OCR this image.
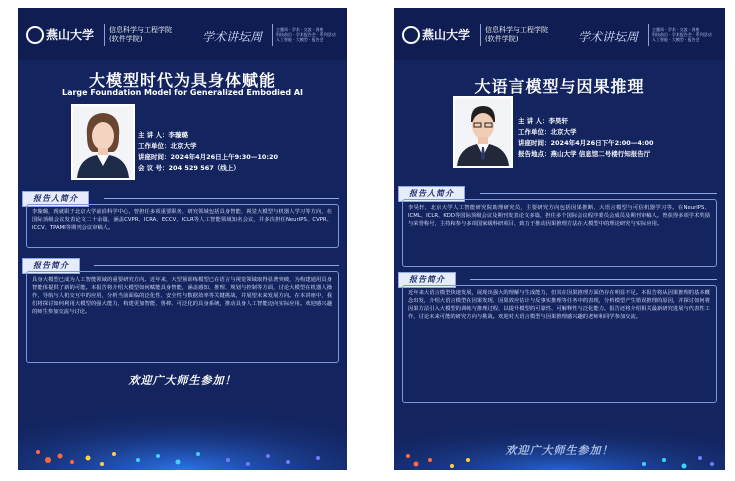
燕山大学 信息科学与工程学院
(软件学院)	学术讲坛周
主题周 · 学术 · 交流 · 讲座
科技前沿 · 学术报告会 · 系列活动
人工智能 · 大模型 · 报告会
大模型时代为具身体赋能
Large Foundation Model for Generalized Embodied AI
主 讲 人：李璇璐
工作单位：北京大学
讲座时间：2024年4月26日上午9:30—10:20
会 议 号：204 529 567（线上）
报告人简介
李璇璐，现就职于北京大学前沿科学中心，曾担任多项重要职务，研究领域包括具身智能、视觉大模型与机器人学习等方向，在国际顶级会议发表论文二十余篇，涵盖CVPR、ICRA、ECCV、ICLR等人工智能领域知名会议，并多次担任NeurIPS、CVPR、ICCV、TPAMI等期刊会议审稿人。
报告简介
具身大模型已成为人工智能领域的重要研究方向。近年来，大型预训练模型已在语言与视觉领域取得显著突破，为构建通用具身智能体提供了新的可能。本报告将介绍大模型如何赋能具身智能，涵盖感知、推理、规划与控制等方面，讨论大模型在机器人操作、导航与人机交互中的应用，分析当前面临的泛化性、安全性与数据效率等关键挑战，并展望未来发展方向。在本讲座中，我们将探讨如何利用大模型的强大能力，构建更加智能、鲁棒、可泛化的具身系统，推动具身人工智能迈向实际应用。欢迎感兴趣的师生参加交流与讨论。
欢迎广大师生参加！
燕山大学 信息科学与工程学院
(软件学院)	学术讲坛周
主题周 · 学术 · 交流 · 讲座
科技前沿 · 学术报告会 · 系列活动
人工智能 · 大模型 · 报告会
大语言模型与因果推理
主 讲 人：李昊轩
工作单位：北京大学
讲座时间：2024年4月26日下午2:00—4:00
报告地点：燕山大学 信息馆二号楼行知报告厅
报告人简介
李昊轩，北京大学人工智能研究院助理研究员，主要研究方向包括因果推断、大语言模型与可信机器学习等。在NeurIPS、ICML、ICLR、KDD等国际顶级会议及期刊发表论文多篇，担任多个国际会议程序委员会成员及期刊审稿人。曾获得多项学术奖励与荣誉称号，主持和参与多项国家级科研项目，致力于推动因果推理方法在大模型中的理论研究与实际应用。
报告简介
近年来大语言模型快速发展，展现出强大的理解与生成能力，但其在因果推理方面仍存在明显不足。本报告将从因果推理的基本概念出发，介绍大语言模型在因果发现、因果效应估计与反事实推理等任务中的表现，分析模型产生错误推理的原因，并探讨如何将因果方法引入大模型的训练与推理过程，以提升模型的可靠性、可解释性与泛化能力。报告还将介绍相关最新研究进展与代表性工作，讨论未来可能的研究方向与挑战。欢迎对大语言模型与因果推理感兴趣的老师和同学参加交流。
